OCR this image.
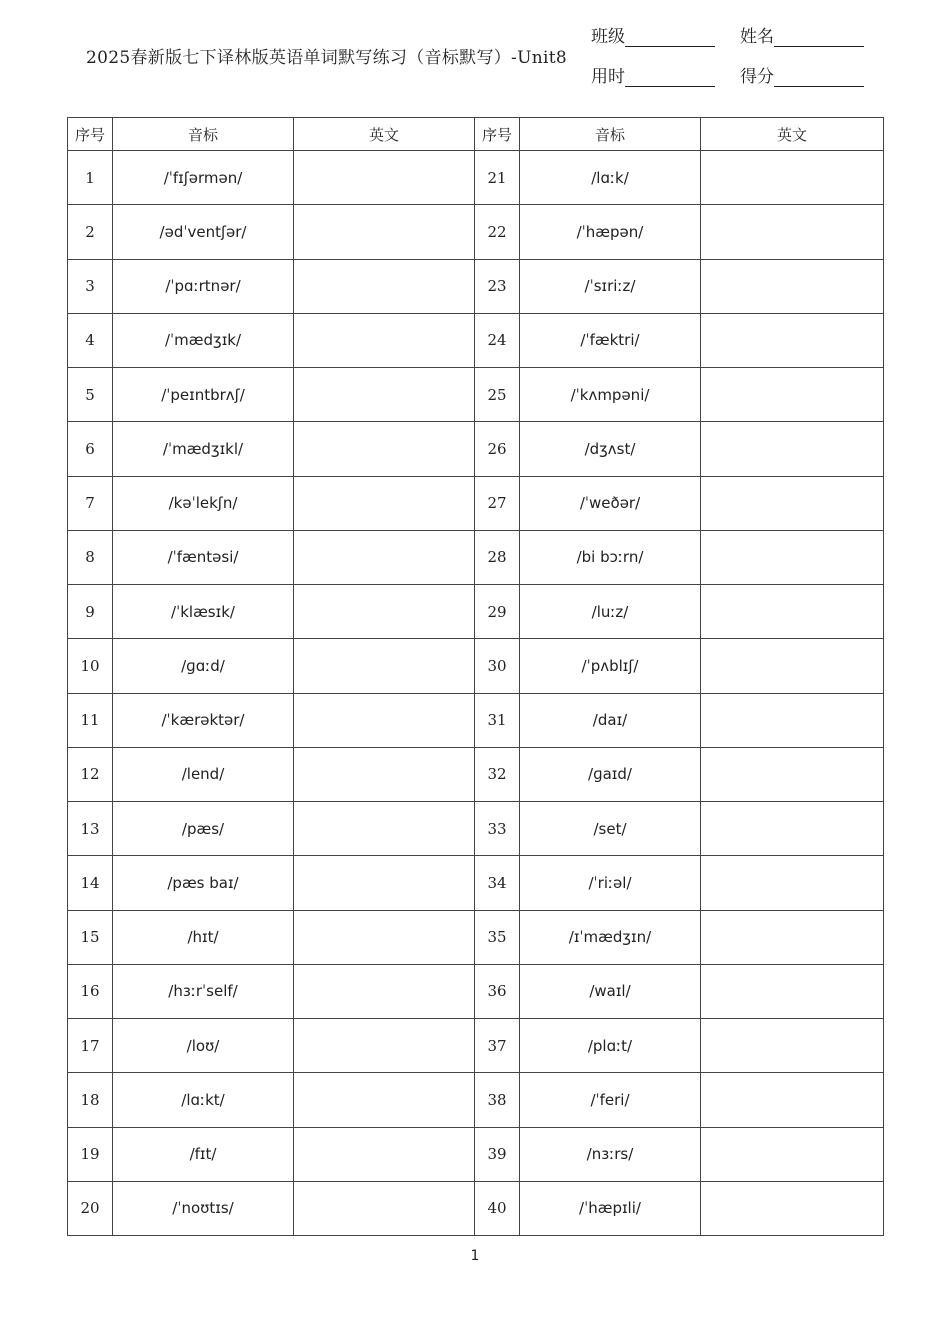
2025春新版七下译林版英语单词默写练习（音标默写）-Unit8
班级	姓名
用时	得分
序号	音标	英文	序号	音标	英文
1	/ˈfɪʃərmən/		21	/lɑːk/	
2	/ədˈventʃər/		22	/ˈhæpən/	
3	/ˈpɑːrtnər/		23	/ˈsɪriːz/	
4	/ˈmædʒɪk/		24	/ˈfæktri/	
5	/ˈpeɪntbrʌʃ/		25	/ˈkʌmpəni/	
6	/ˈmædʒɪkl/		26	/dʒʌst/	
7	/kəˈlekʃn/		27	/ˈweðər/	
8	/ˈfæntəsi/		28	/bi bɔːrn/	
9	/ˈklæsɪk/		29	/luːz/	
10	/ɡɑːd/		30	/ˈpʌblɪʃ/	
11	/ˈkærəktər/		31	/daɪ/	
12	/lend/		32	/ɡaɪd/	
13	/pæs/		33	/set/	
14	/pæs baɪ/		34	/ˈriːəl/	
15	/hɪt/		35	/ɪˈmædʒɪn/	
16	/hɜːrˈself/		36	/waɪl/	
17	/loʊ/		37	/plɑːt/	
18	/lɑːkt/		38	/ˈferi/	
19	/fɪt/		39	/nɜːrs/	
20	/ˈnoʊtɪs/		40	/ˈhæpɪli/	
1
